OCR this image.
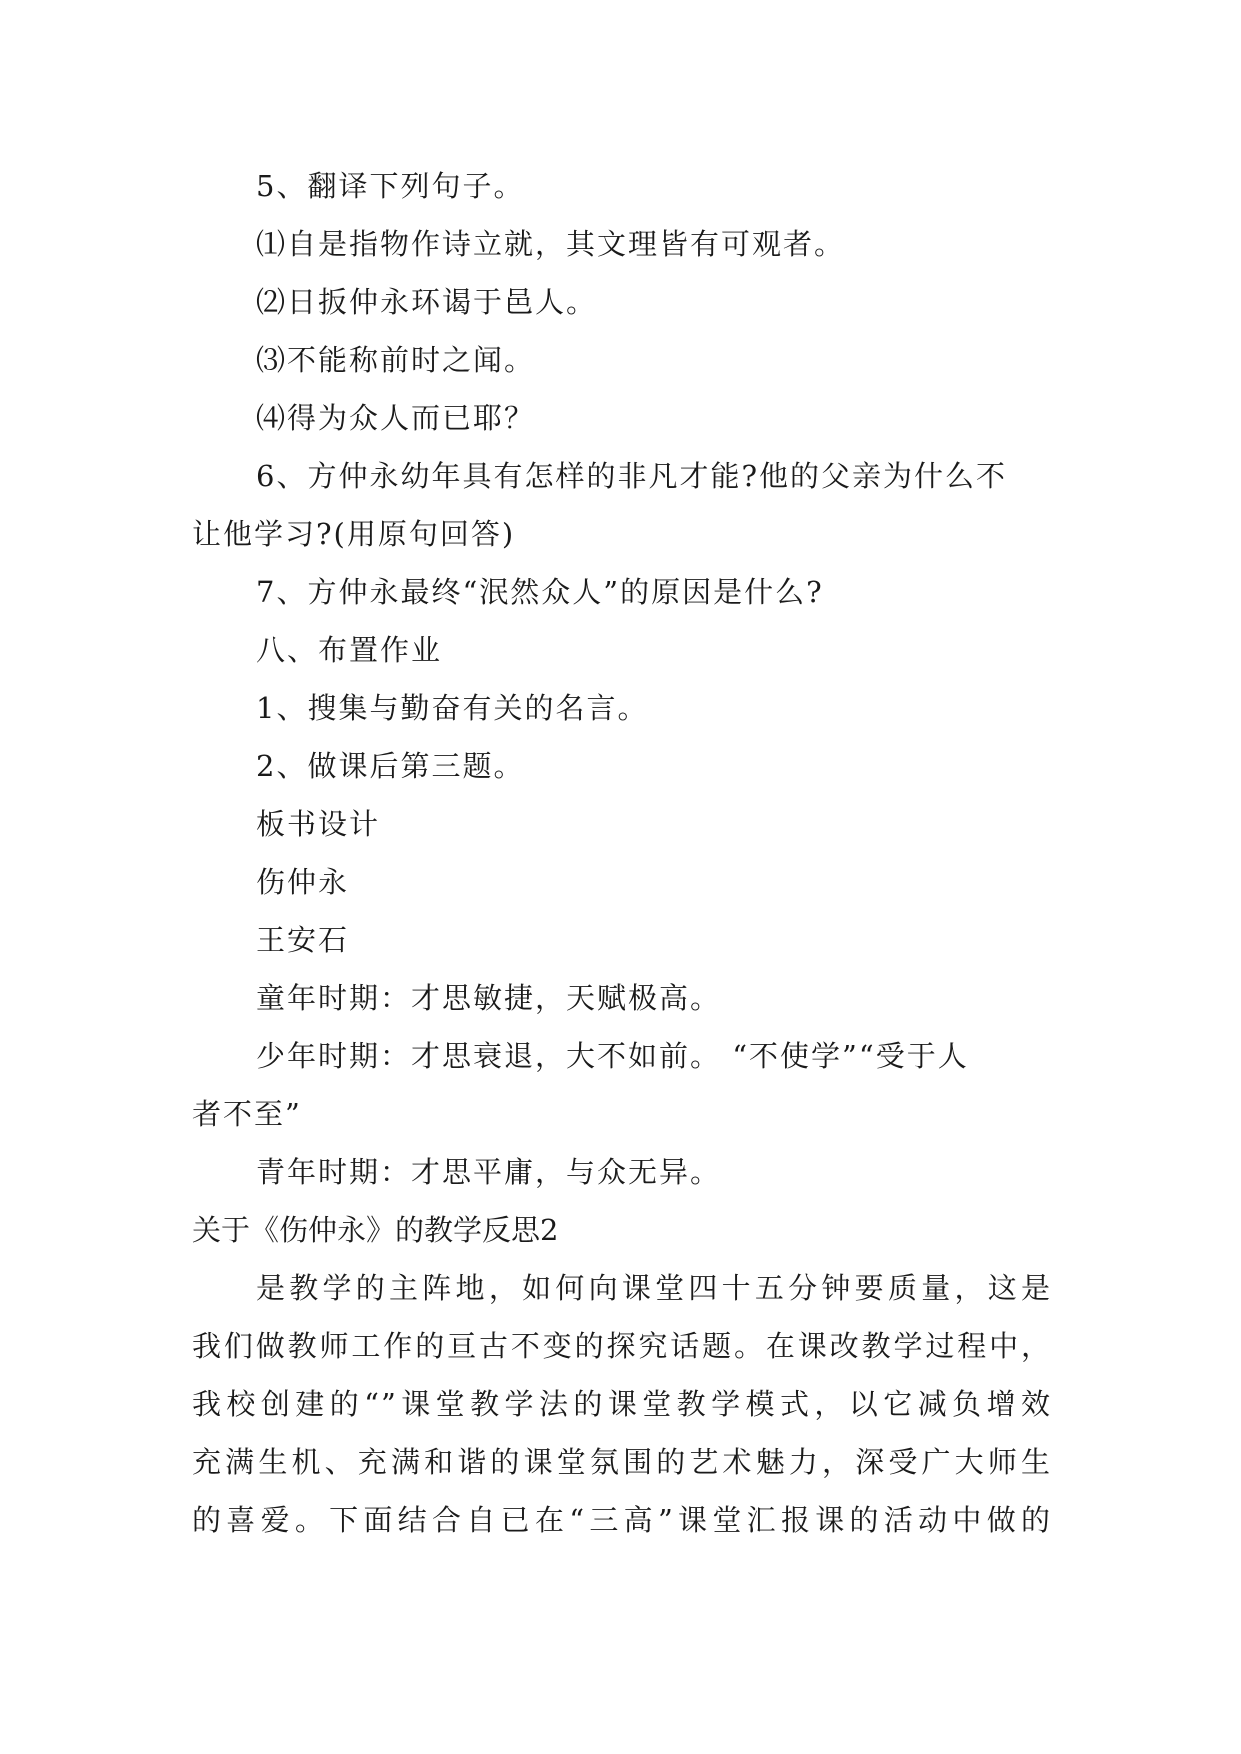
5、翻译下列句子。
⑴自是指物作诗立就，其文理皆有可观者。
⑵日扳仲永环谒于邑人。
⑶不能称前时之闻。
⑷得为众人而已耶？
6、方仲永幼年具有怎样的非凡才能?他的父亲为什么不
让他学习?(用原句回答)
7、方仲永最终“泯然众人”的原因是什么?
八、布置作业
1、搜集与勤奋有关的名言。
2、做课后第三题。
板书设计
伤仲永
王安石
童年时期：才思敏捷，天赋极高。
少年时期：才思衰退，大不如前。 “不使学”“受于人
者不至”
青年时期：才思平庸，与众无异。
关于《伤仲永》的教学反思2
是教学的主阵地，如何向课堂四十五分钟要质量，这是
我们做教师工作的亘古不变的探究话题。在课改教学过程中，
我校创建的“”课堂教学法的课堂教学模式，以它减负增效
充满生机、充满和谐的课堂氛围的艺术魅力，深受广大师生
的喜爱。下面结合自已在“三高”课堂汇报课的活动中做的
